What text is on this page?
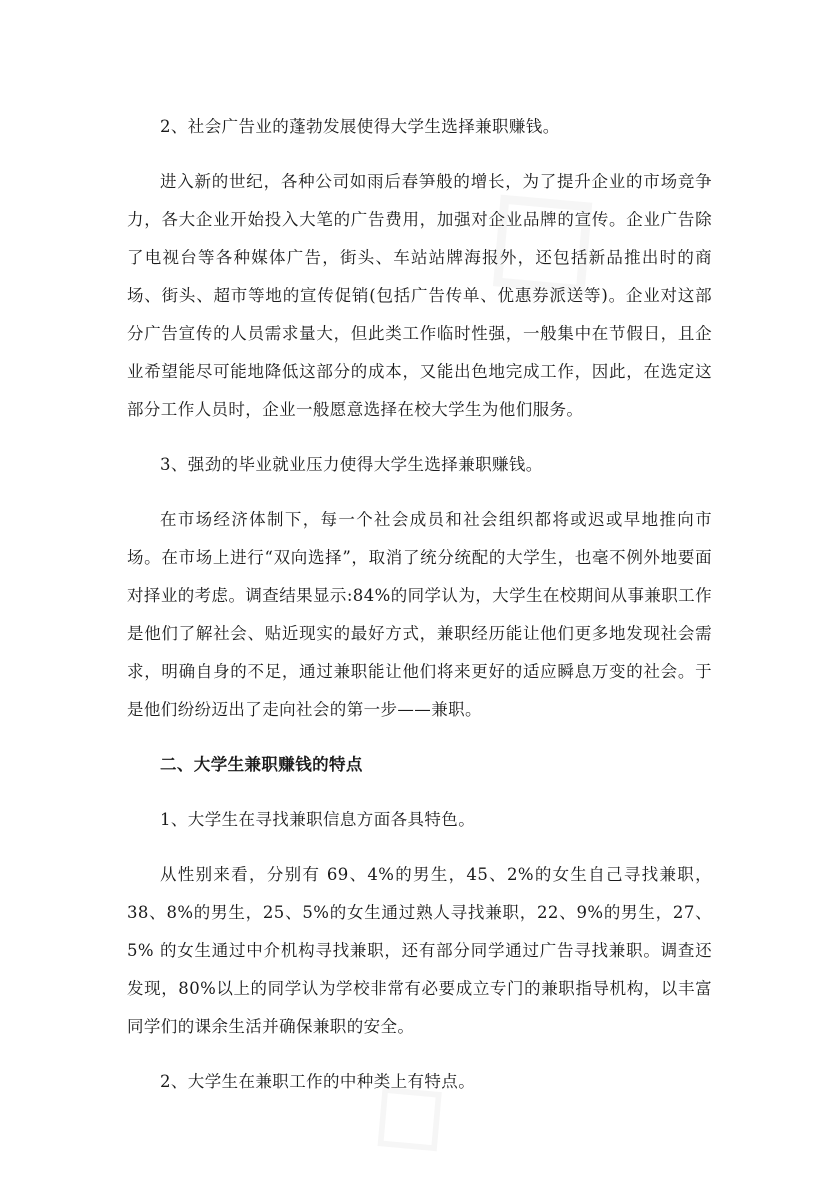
2、社会广告业的蓬勃发展使得大学生选择兼职赚钱。

进入新的世纪，各种公司如雨后春笋般的增长，为了提升企业的市场竞争力，各大企业开始投入大笔的广告费用，加强对企业品牌的宣传。企业广告除了电视台等各种媒体广告，街头、车站站牌海报外，还包括新品推出时的商场、街头、超市等地的宣传促销(包括广告传单、优惠券派送等)。企业对这部分广告宣传的人员需求量大，但此类工作临时性强，一般集中在节假日，且企业希望能尽可能地降低这部分的成本，又能出色地完成工作，因此，在选定这部分工作人员时，企业一般愿意选择在校大学生为他们服务。

3、强劲的毕业就业压力使得大学生选择兼职赚钱。

在市场经济体制下，每一个社会成员和社会组织都将或迟或早地推向市场。在市场上进行“双向选择”，取消了统分统配的大学生，也毫不例外地要面对择业的考虑。调查结果显示:84%的同学认为，大学生在校期间从事兼职工作是他们了解社会、贴近现实的最好方式，兼职经历能让他们更多地发现社会需求，明确自身的不足，通过兼职能让他们将来更好的适应瞬息万变的社会。于是他们纷纷迈出了走向社会的第一步——兼职。

二、大学生兼职赚钱的特点

1、大学生在寻找兼职信息方面各具特色。

从性别来看，分别有 69、4%的男生，45、2%的女生自己寻找兼职，38、8%的男生，25、5%的女生通过熟人寻找兼职，22、9%的男生，27、5% 的女生通过中介机构寻找兼职，还有部分同学通过广告寻找兼职。调查还发现，80%以上的同学认为学校非常有必要成立专门的兼职指导机构，以丰富同学们的课余生活并确保兼职的安全。

2、大学生在兼职工作的中种类上有特点。
